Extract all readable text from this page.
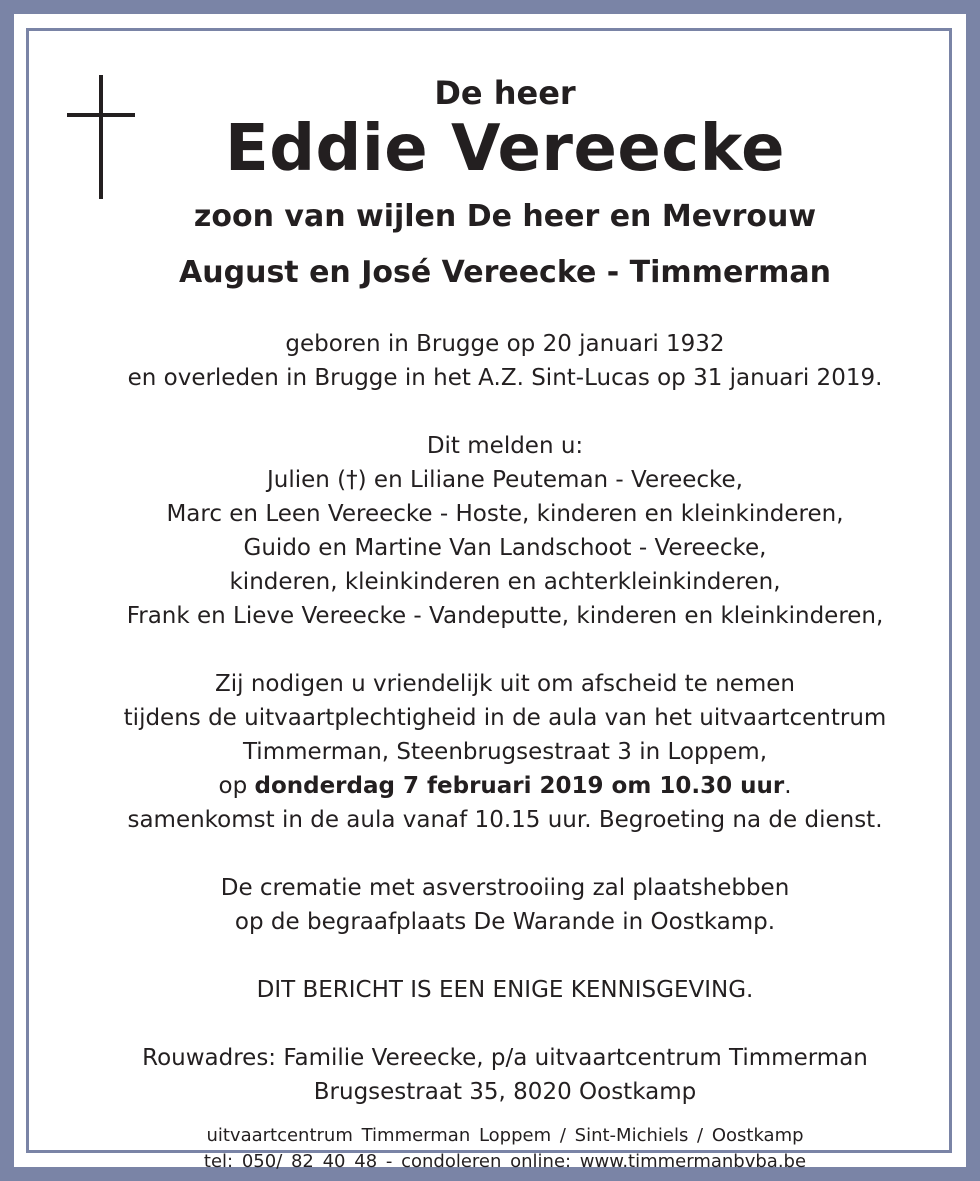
De heer
Eddie Vereecke
zoon van wijlen De heer en Mevrouw
August en José Vereecke - Timmerman
geboren in Brugge op 20 januari 1932
en overleden in Brugge in het A.Z. Sint-Lucas op 31 januari 2019.
Dit melden u:
Julien (†) en Liliane Peuteman - Vereecke,
Marc en Leen Vereecke - Hoste, kinderen en kleinkinderen,
Guido en Martine Van Landschoot - Vereecke,
kinderen, kleinkinderen en achterkleinkinderen,
Frank en Lieve Vereecke - Vandeputte, kinderen en kleinkinderen,
Zij nodigen u vriendelijk uit om afscheid te nemen
tijdens de uitvaartplechtigheid in de aula van het uitvaartcentrum
Timmerman, Steenbrugsestraat 3 in Loppem,
op donderdag 7 februari 2019 om 10.30 uur.
samenkomst in de aula vanaf 10.15 uur. Begroeting na de dienst.
De crematie met asverstrooiing zal plaatshebben
op de begraafplaats De Warande in Oostkamp.
DIT BERICHT IS EEN ENIGE KENNISGEVING.
Rouwadres: Familie Vereecke, p/a uitvaartcentrum Timmerman
Brugsestraat 35, 8020 Oostkamp
uitvaartcentrum Timmerman Loppem / Sint-Michiels / Oostkamp
tel: 050/ 82 40 48 - condoleren online: www.timmermanbvba.be
